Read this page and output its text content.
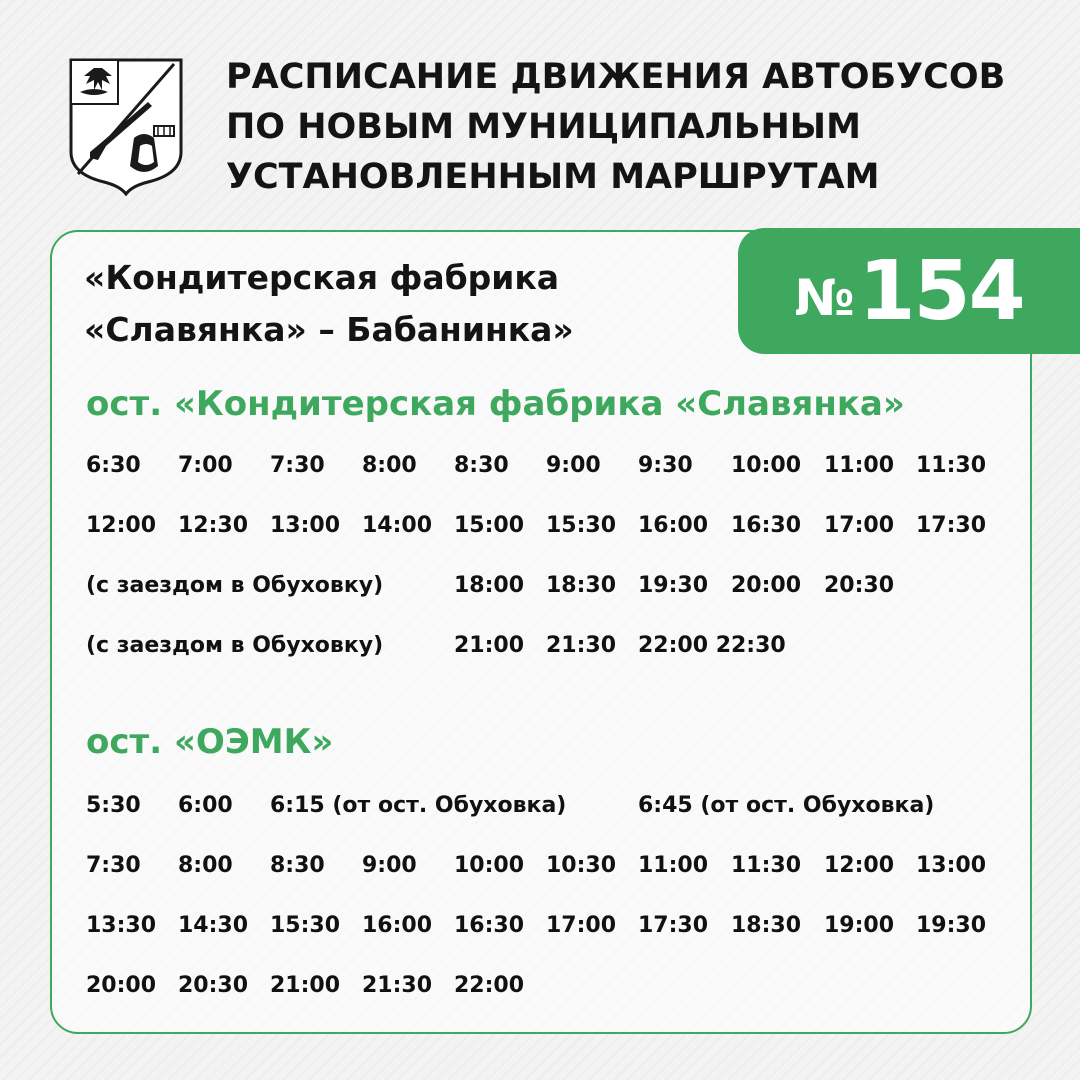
РАСПИСАНИЕ ДВИЖЕНИЯ АВТОБУСОВ
ПО НОВЫМ МУНИЦИПАЛЬНЫМ
УСТАНОВЛЕННЫМ МАРШРУТАМ
№ 154
«Кондитерская фабрика
«Славянка» – Бабанинка»
ост. «Кондитерская фабрика «Славянка»
6:30 7:00 7:30 8:00 8:30 9:00 9:30 10:00 11:00 11:30
12:00 12:30 13:00 14:00 15:00 15:30 16:00 16:30 17:00 17:30
(с заездом в Обуховку)	18:00 18:30 19:30 20:00 20:30
(с заездом в Обуховку)	21:00 21:30 22:00 22:30
ост. «ОЭМК»
5:30 6:00 6:15 (от ост. Обуховка)	6:45 (от ост. Обуховка)
7:30 8:00 8:30 9:00 10:00 10:30 11:00 11:30 12:00 13:00
13:30 14:30 15:30 16:00 16:30 17:00 17:30 18:30 19:00 19:30
20:00 20:30 21:00 21:30 22:00
